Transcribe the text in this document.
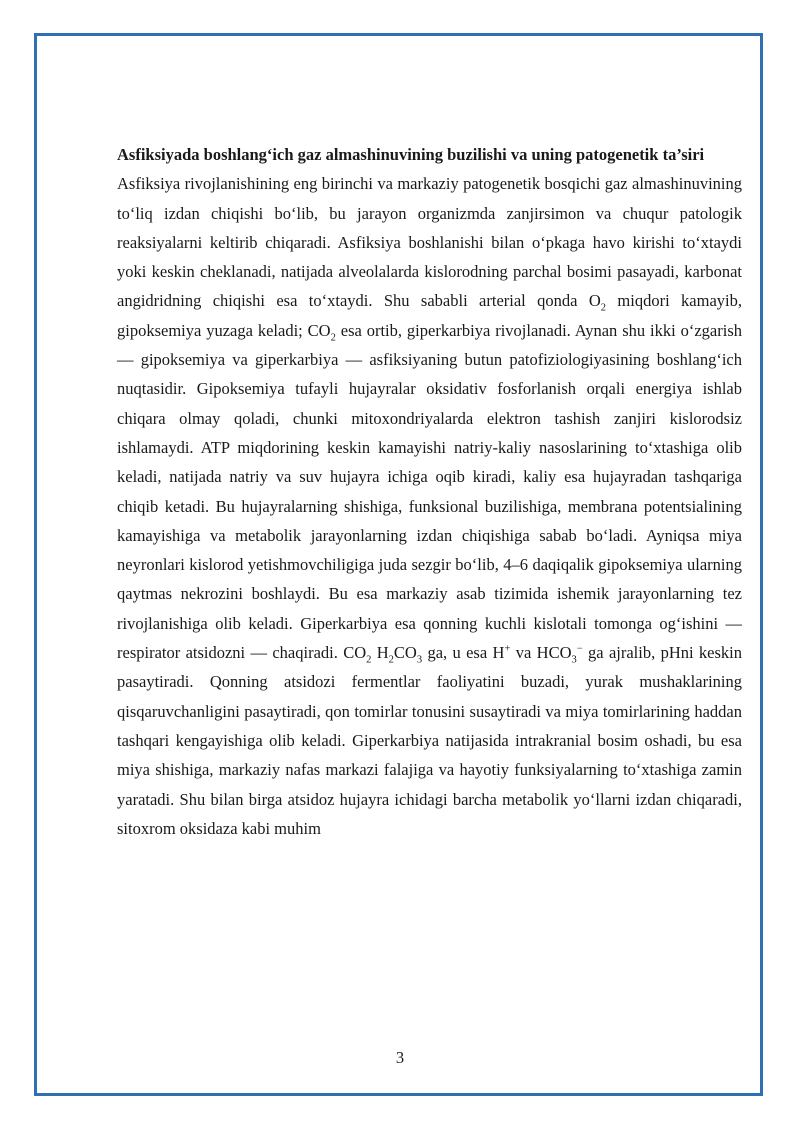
Asfiksiyada boshlang‘ich gaz almashinuvining buzilishi va uning patogenetik ta’siri

Asfiksiya rivojlanishining eng birinchi va markaziy patogenetik bosqichi gaz almashinuvining to‘liq izdan chiqishi bo‘lib, bu jarayon organizmda zanjirsimon va chuqur patologik reaksiyalarni keltirib chiqaradi. Asfiksiya boshlanishi bilan o‘pkaga havo kirishi to‘xtaydi yoki keskin cheklanadi, natijada alveolalarda kislorodning parchal bosimi pasayadi, karbonat angidridning chiqishi esa to‘xtaydi. Shu sababli arterial qonda $O_2$ miqdori kamayib, gipoksemiya yuzaga keladi; $CO_2$ esa ortib, giperkarbiya rivojlanadi. Aynan shu ikki o‘zgarish — gipoksemiya va giperkarbiya — asfiksiyaning butun patofiziologiyasining boshlang‘ich nuqtasidir. Gipoksemiya tufayli hujayralar oksidativ fosforlanish orqali energiya ishlab chiqara olmay qoladi, chunki mitoxondriyalarda elektron tashish zanjiri kislorodsiz ishlamaydi. ATP miqdorining keskin kamayishi natriy-kaliy nasoslarining to‘xtashiga olib keladi, natijada natriy va suv hujayra ichiga oqib kiradi, kaliy esa hujayradan tashqariga chiqib ketadi. Bu hujayralarning shishiga, funksional buzilishiga, membrana potentsialining kamayishiga va metabolik jarayonlarning izdan chiqishiga sabab bo‘ladi. Ayniqsa miya neyronlari kislorod yetishmovchiligiga juda sezgir bo‘lib, 4–6 daqiqalik gipoksemiya ularning qaytmas nekrozini boshlaydi. Bu esa markaziy asab tizimida ishemik jarayonlarning tez rivojlanishiga olib keladi. Giperkarbiya esa qonning kuchli kislotali tomonga og‘ishini — respirator atsidozni — chaqiradi. $CO_2$ $H_2CO_3$ ga, u esa H+ va $HCO_3^-$ ga ajralib, pHni keskin pasaytiradi. Qonning atsidozi fermentlar faoliyatini buzadi, yurak mushaklarining qisqaruvchanligini pasaytiradi, qon tomirlar tonusini susaytiradi va miya tomirlarining haddan tashqari kengayishiga olib keladi. Giperkarbiya natijasida intrakranial bosim oshadi, bu esa miya shishiga, markaziy nafas markazi falajiga va hayotiy funksiyalarning to‘xtashiga zamin yaratadi. Shu bilan birga atsidoz hujayra ichidagi barcha metabolik yo‘llarni izdan chiqaradi, sitoxrom oksidaza kabi muhim

3
